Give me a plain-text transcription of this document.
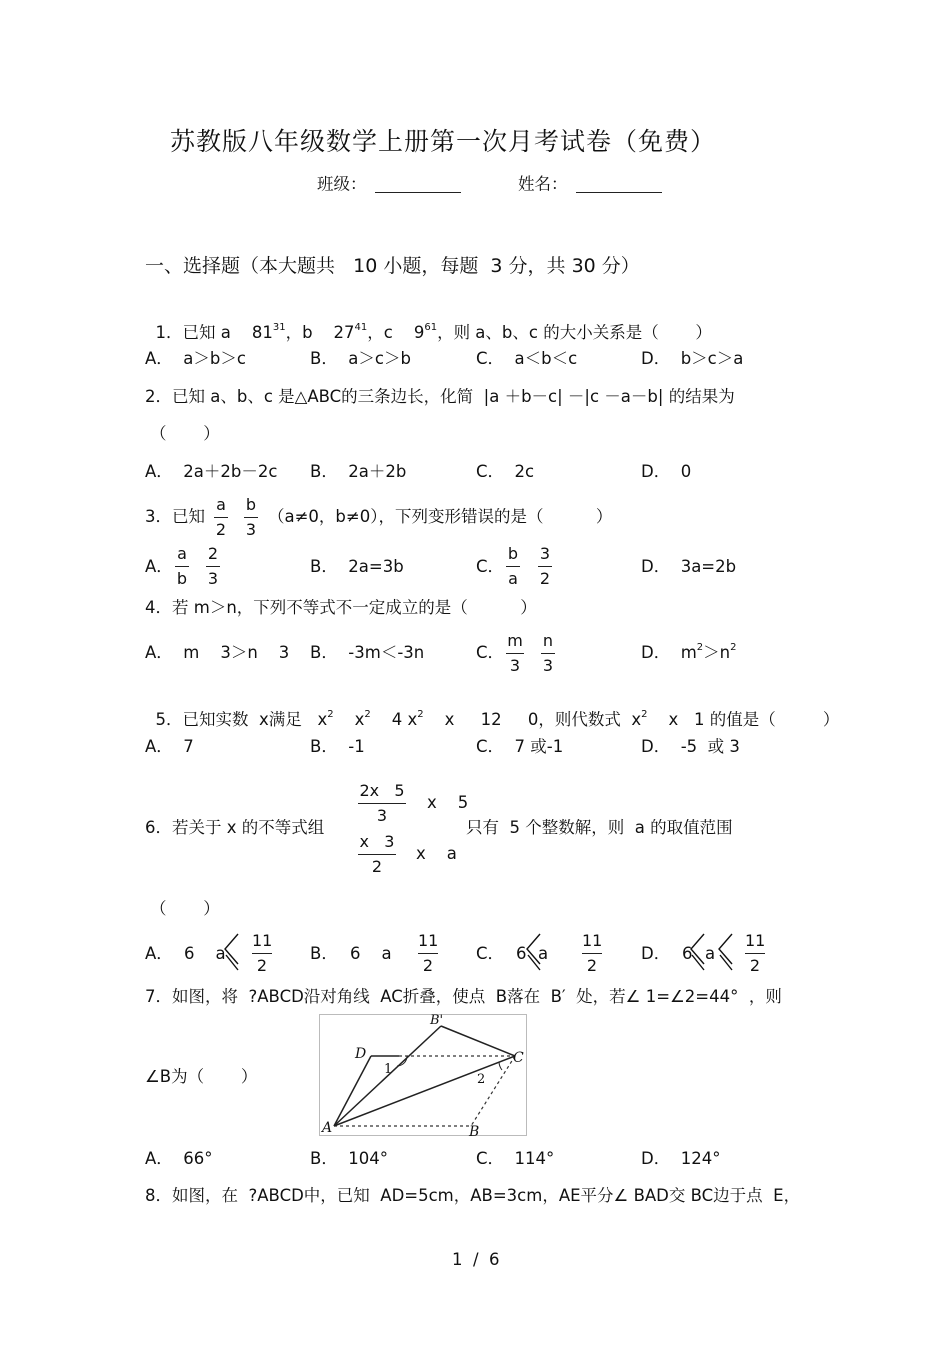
苏教版八年级数学上册第一次月考试卷（免费）
班级：	姓名：
一、选择题（本大题共   10 小题，每题  3 分，共 30 分）

1．已知 a    $81^{31}$，b    $27^{41}$，c    $9^{61}$，则 a、b、c 的大小关系是（       ）

A．  a＞b＞c	B．  a＞c＞b	C．  a＜b＜c	D．  b＞c＞a
2．已知 a、b、c 是△ABC的三条边长，化简  |a ＋b－c| －|c －a－b| 的结果为
（       ）
A．  2a＋2b－2c B．  2a＋2b	C．  2c	D．  0
3．已知
a
2
b
3
（a≠0，b≠0），下列变形错误的是（          ）
A．
a
b
2
3
B．  2a=3b	C．
b
a
3
2
D．  3a=2b
4．若 m＞n，下列不等式不一定成立的是（          ）
A．  m    3＞n    3 B．  -3m＜-3n	C．
m
3
n
3
D．  $m^2>n^2$

5．已知实数  x满足   $x^2$    $x^2$    4 $x^2$    x     12     0，则代数式  $x^2$    x   1 的值是（         ）

A．  7	B．  -1	C．  7 或-1	D．  -5  或 3
6．若关于 x 的不等式组
2x   5
3
x    5
x   3
2
x    a
只有  5 个整数解，则  a 的取值范围
（       ）
A． 6    a
11
2
B． 6    a
11
2
C． 6 a
11
2
D． 6 a
11
2
7．如图，将  ?ABCD沿对角线  AC折叠，使点  B落在  B′  处，若∠ 1=∠2=44°  ，则
∠B为（       ）
D
A	B
B'
C
1
2
A．  66°	B．  104°	C．  114°	D．  124°
8．如图，在  ?ABCD中，已知  AD=5cm，AB=3cm，AE平分∠ BAD交 BC边于点  E，
1  /  6
